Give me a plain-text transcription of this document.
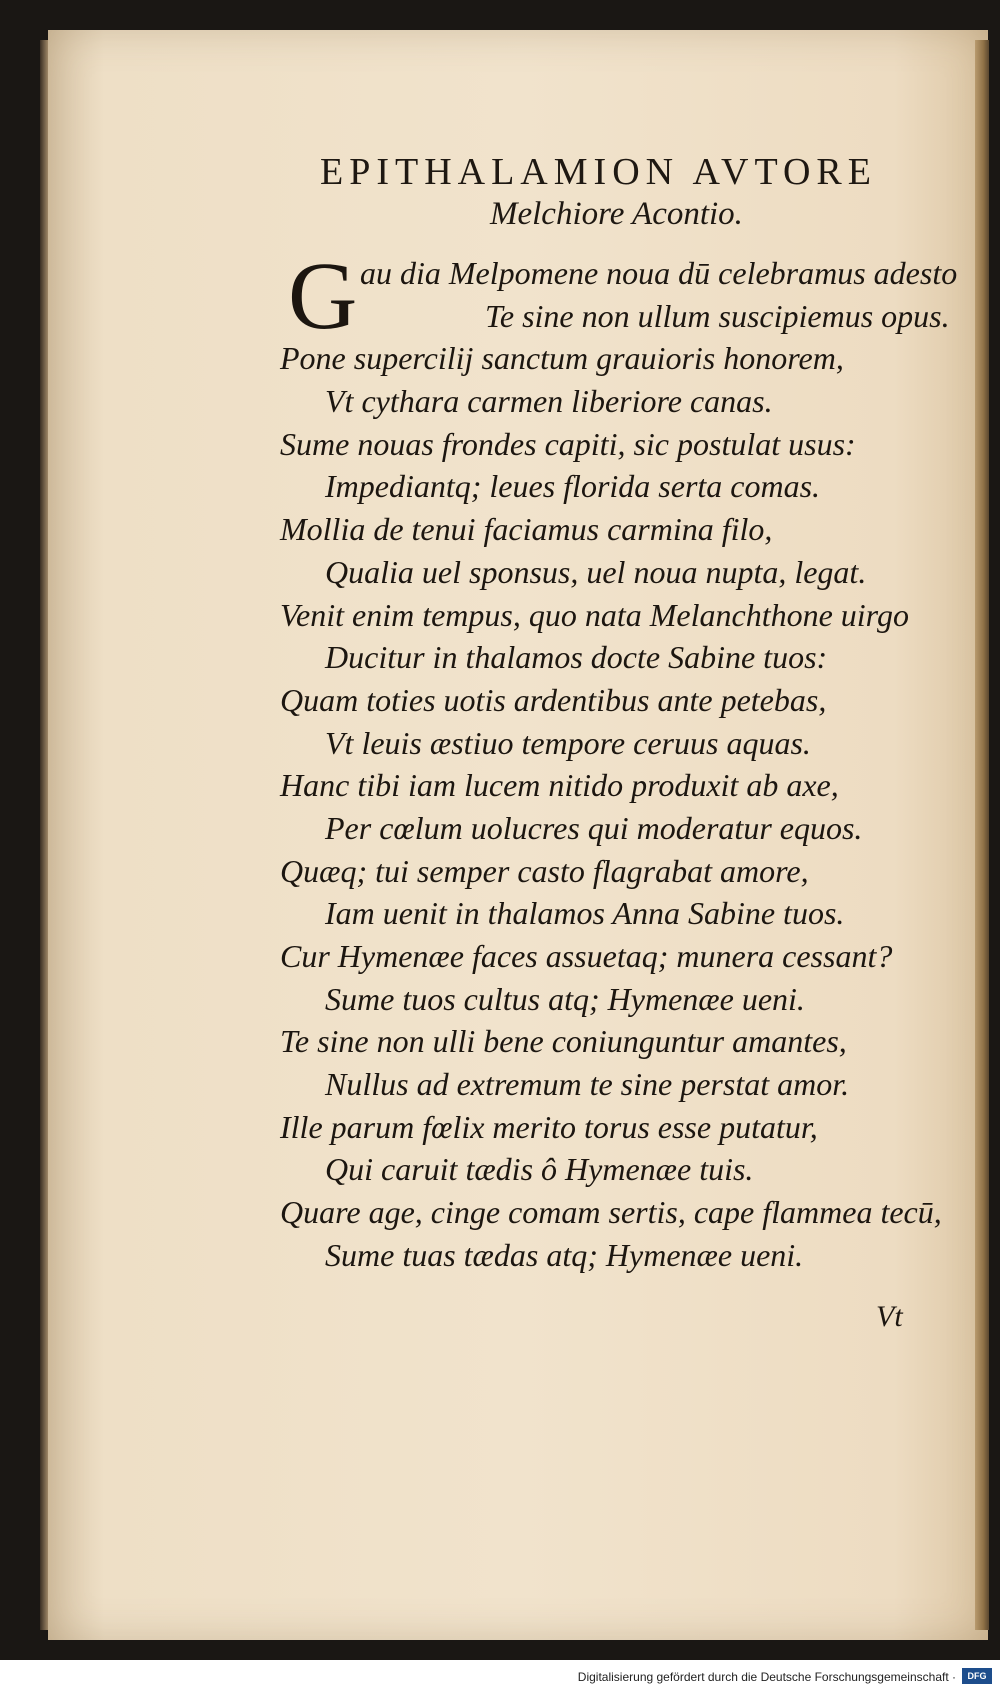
EPITHALAMION AVTORE
Melchiore Acontio.
G au dia Melpomene noua dū celebramus adesto
Te sine non ullum suscipiemus opus.
Pone supercilij sanctum grauioris honorem,
Vt cythara carmen liberiore canas.
Sume nouas frondes capiti, sic postulat usus:
Impediantq; leues florida serta comas.
Mollia de tenui faciamus carmina filo,
Qualia uel sponsus, uel noua nupta, legat.
Venit enim tempus, quo nata Melanchthone uirgo
Ducitur in thalamos docte Sabine tuos:
Quam toties uotis ardentibus ante petebas,
Vt leuis æstiuo tempore ceruus aquas.
Hanc tibi iam lucem nitido produxit ab axe,
Per cœlum uolucres qui moderatur equos.
Quæq; tui semper casto flagrabat amore,
Iam uenit in thalamos Anna Sabine tuos.
Cur Hymenæe faces assuetaq; munera cessant?
Sume tuos cultus atq; Hymenæe ueni.
Te sine non ulli bene coniunguntur amantes,
Nullus ad extremum te sine perstat amor.
Ille parum fœlix merito torus esse putatur,
Qui caruit tædis ô Hymenæe tuis.
Quare age, cinge comam sertis, cape flammea tecū,
Sume tuas tædas atq; Hymenæe ueni.
Vt
Digitalisierung gefördert durch die Deutsche Forschungsgemeinschaft ·	DFG
